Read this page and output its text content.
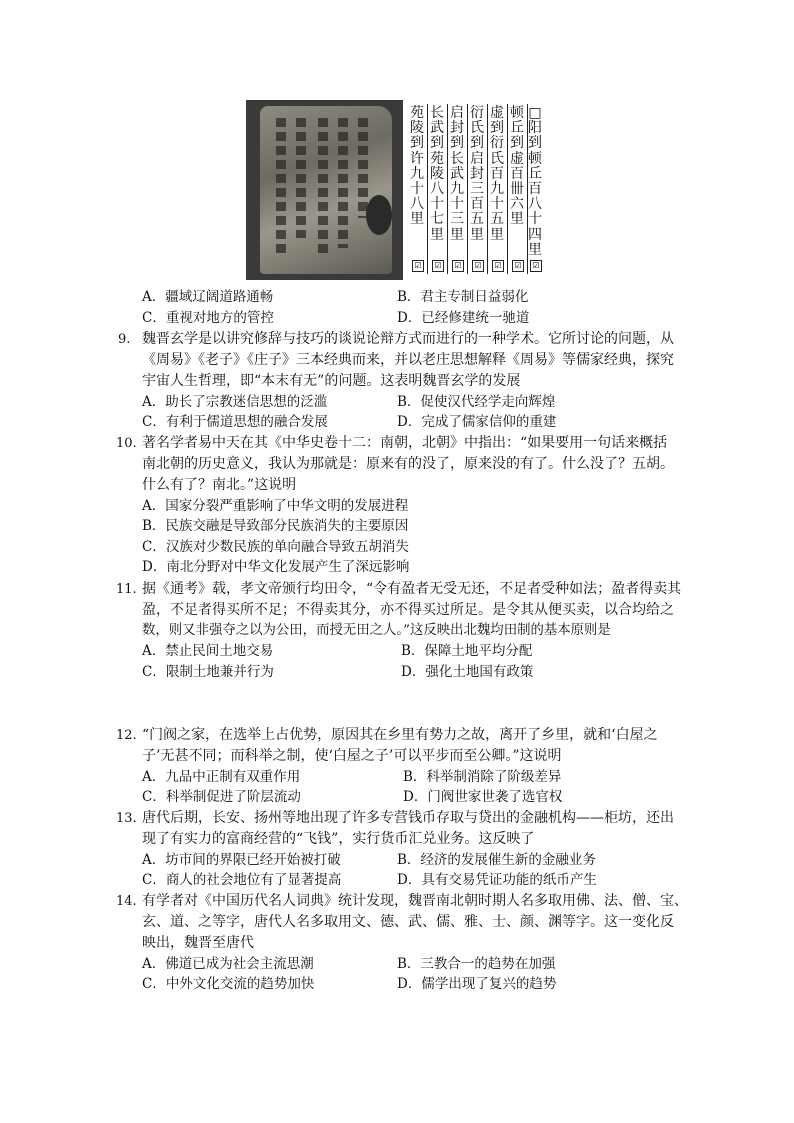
苑陵到许九十八里
长武到苑陵八十七里
启封到长武九十三里
衍氏到启封三百五里
虚到衍氏百九十五里
顿丘到虚百卌六里
□阳到顿丘百八十四里
☑	☑	☑	☑	☑	☑	☑
A．疆域辽阔道路通畅	B．君主专制日益弱化
C．重视对地方的管控	D．已经修建统一驰道
9. 魏晋玄学是以讲究修辞与技巧的谈说论辩方式而进行的一种学术。它所讨论的问题，从
《周易》《老子》《庄子》三本经典而来，并以老庄思想解释《周易》等儒家经典，探究
宇宙人生哲理，即“本末有无”的问题。这表明魏晋玄学的发展
A．助长了宗教迷信思想的泛滥	B．促使汉代经学走向辉煌
C．有利于儒道思想的融合发展	D．完成了儒家信仰的重建
10. 著名学者易中天在其《中华史卷十二：南朝，北朝》中指出：“如果要用一句话来概括
南北朝的历史意义，我认为那就是：原来有的没了，原来没的有了。什么没了？五胡。
什么有了？南北。”这说明
A．国家分裂严重影响了中华文明的发展进程
B．民族交融是导致部分民族消失的主要原因
C．汉族对少数民族的单向融合导致五胡消失
D．南北分野对中华文化发展产生了深远影响
11. 据《通考》载，孝文帝颁行均田令，“令有盈者无受无还，不足者受种如法；盈者得卖其
盈，不足者得买所不足；不得卖其分，亦不得买过所足。是令其从便买卖，以合均给之
数，则又非强夺之以为公田，而授无田之人。”这反映出北魏均田制的基本原则是
A．禁止民间土地交易	B．保障土地平均分配
C．限制土地兼并行为	D．强化土地国有政策
12. “门阀之家，在选举上占优势，原因其在乡里有势力之故，离开了乡里，就和‘白屋之
子’无甚不同；而科举之制，使‘白屋之子’可以平步而至公卿。”这说明
A．九品中正制有双重作用	B．科举制消除了阶级差异
C．科举制促进了阶层流动	D．门阀世家世袭了选官权
13. 唐代后期，长安、扬州等地出现了许多专营钱币存取与贷出的金融机构——柜坊，还出
现了有实力的富商经营的“飞钱”，实行货币汇兑业务。这反映了
A．坊市间的界限已经开始被打破	B．经济的发展催生新的金融业务
C．商人的社会地位有了显著提高	D．具有交易凭证功能的纸币产生
14. 有学者对《中国历代名人词典》统计发现，魏晋南北朝时期人名多取用佛、法、僧、宝、
玄、道、之等字，唐代人名多取用文、德、武、儒、雅、士、颜、渊等字。这一变化反
映出，魏晋至唐代
A．佛道已成为社会主流思潮	B．三教合一的趋势在加强
C．中外文化交流的趋势加快	D．儒学出现了复兴的趋势
